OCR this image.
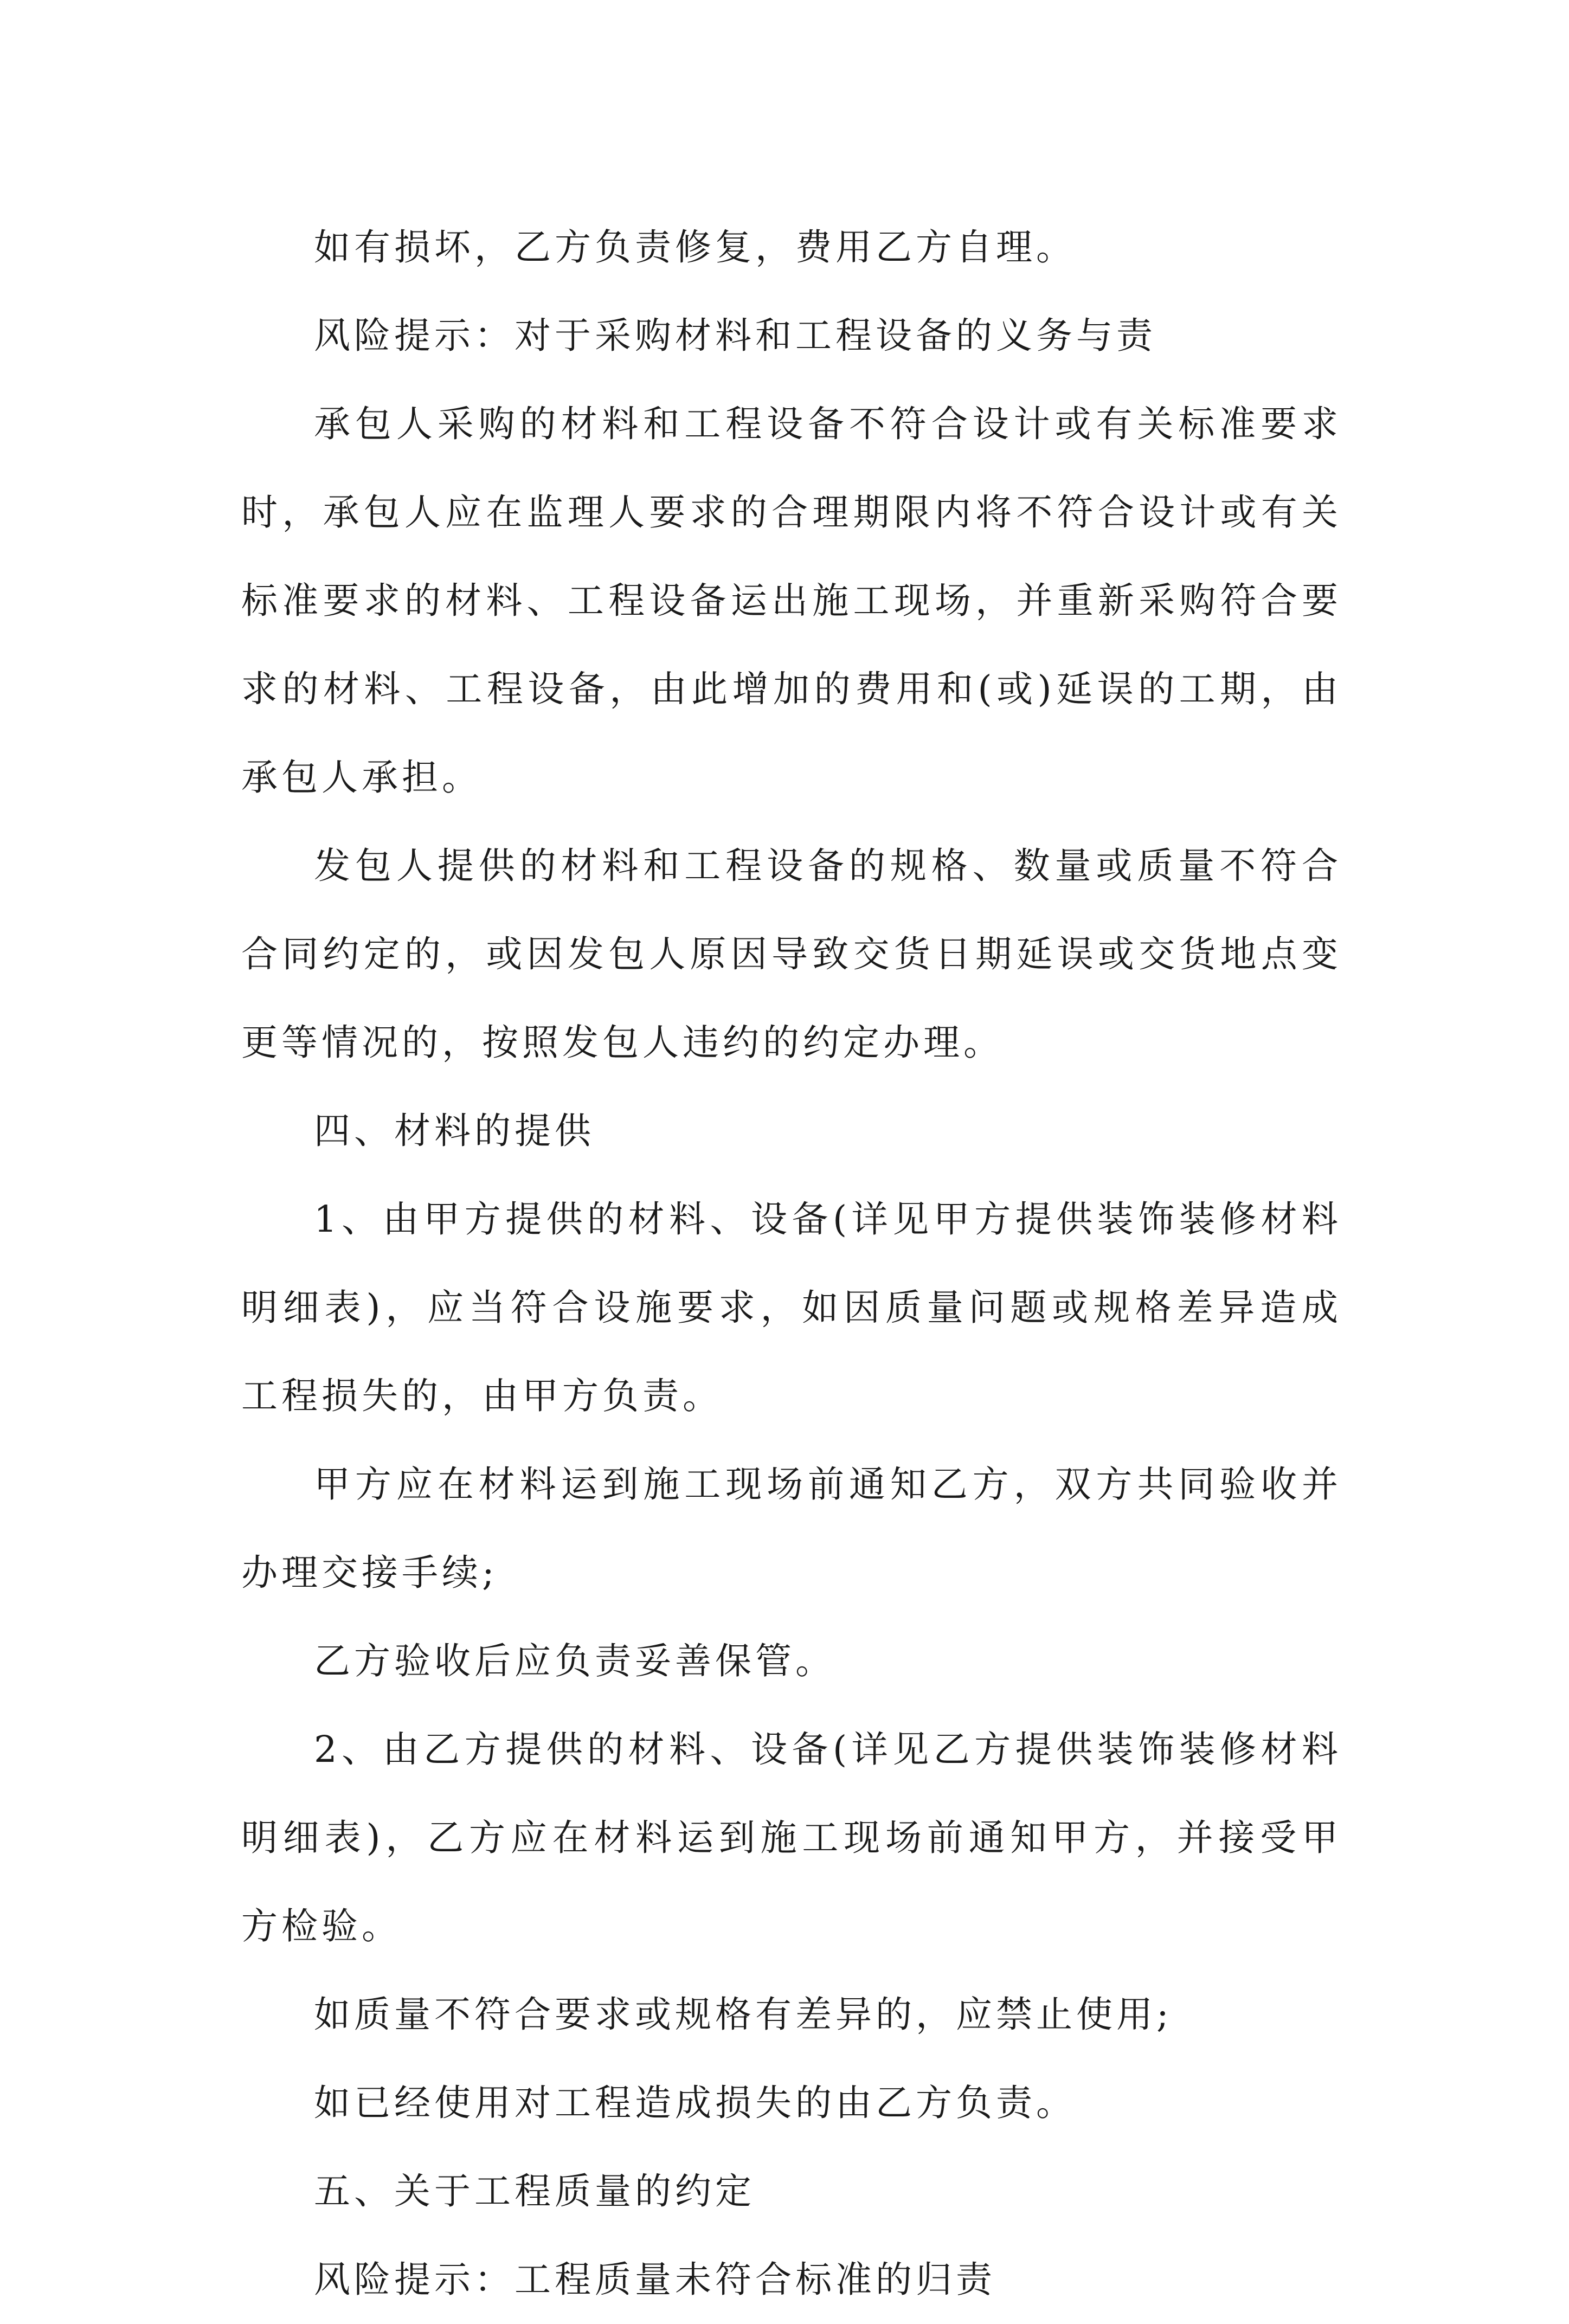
如有损坏，乙方负责修复，费用乙方自理。

风险提示：对于采购材料和工程设备的义务与责

承包人采购的材料和工程设备不符合设计或有关标准要求时，承包人应在监理人要求的合理期限内将不符合设计或有关标准要求的材料、工程设备运出施工现场，并重新采购符合要求的材料、工程设备，由此增加的费用和(或)延误的工期，由承包人承担。

发包人提供的材料和工程设备的规格、数量或质量不符合合同约定的，或因发包人原因导致交货日期延误或交货地点变更等情况的，按照发包人违约的约定办理。

四、材料的提供

1、由甲方提供的材料、设备(详见甲方提供装饰装修材料明细表)，应当符合设施要求，如因质量问题或规格差异造成工程损失的，由甲方负责。

甲方应在材料运到施工现场前通知乙方，双方共同验收并办理交接手续;

乙方验收后应负责妥善保管。

2、由乙方提供的材料、设备(详见乙方提供装饰装修材料明细表)，乙方应在材料运到施工现场前通知甲方，并接受甲方检验。

如质量不符合要求或规格有差异的，应禁止使用;

如已经使用对工程造成损失的由乙方负责。

五、关于工程质量的约定

风险提示：工程质量未符合标准的归责
